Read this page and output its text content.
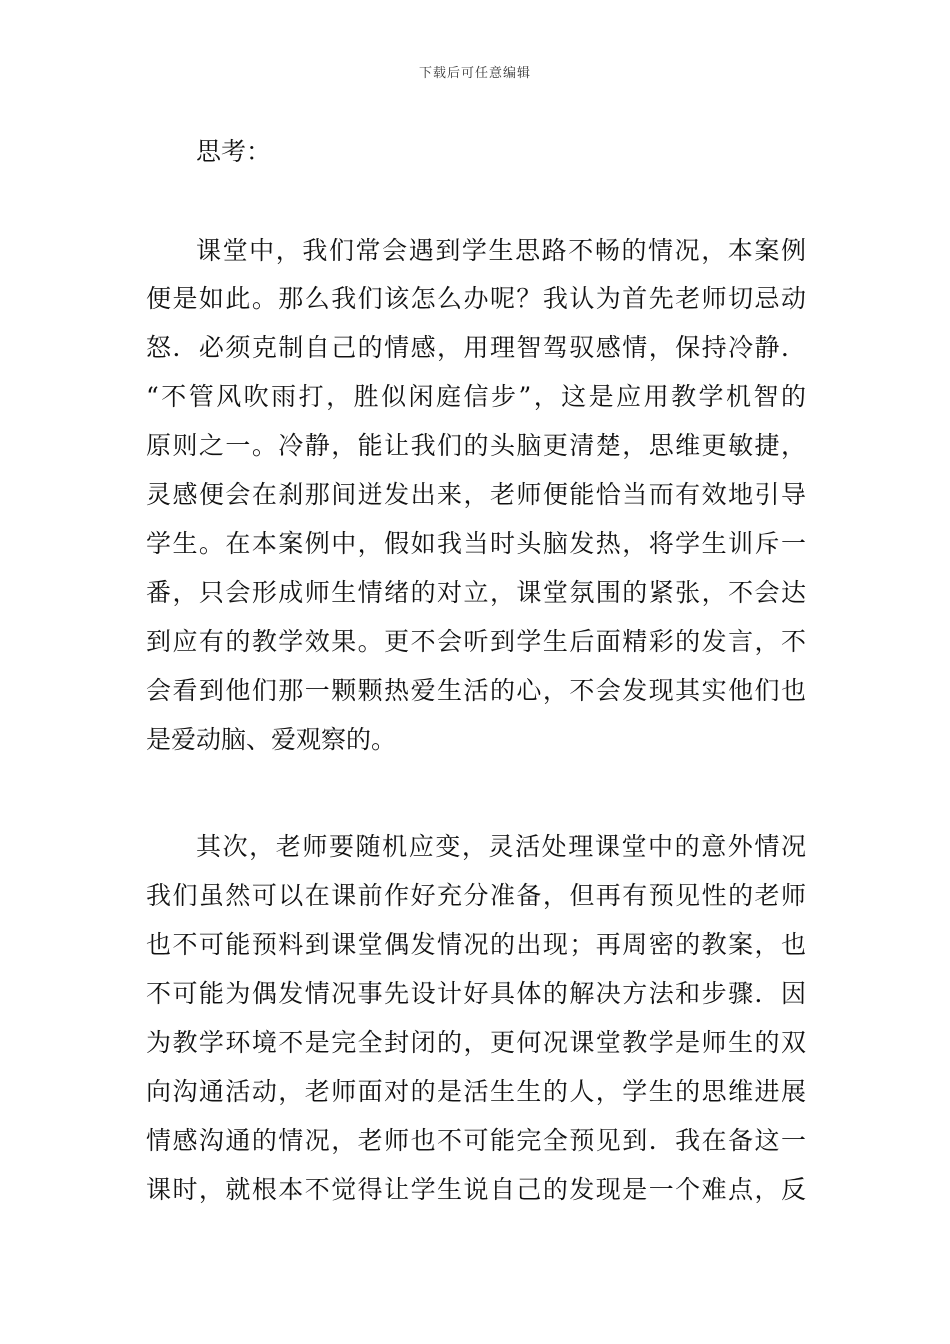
下载后可任意编辑
思考：
课堂中，我们常会遇到学生思路不畅的情况，本案例
便是如此。那么我们该怎么办呢？我认为首先老师切忌动
怒．必须克制自己的情感，用理智驾驭感情，保持冷静．
“不管风吹雨打，胜似闲庭信步”，这是应用教学机智的
原则之一。冷静，能让我们的头脑更清楚，思维更敏捷，
灵感便会在刹那间迸发出来，老师便能恰当而有效地引导
学生。在本案例中，假如我当时头脑发热，将学生训斥一
番，只会形成师生情绪的对立，课堂氛围的紧张，不会达
到应有的教学效果。更不会听到学生后面精彩的发言，不
会看到他们那一颗颗热爱生活的心，不会发现其实他们也
是爱动脑、爱观察的。
其次，老师要随机应变，灵活处理课堂中的意外情况
我们虽然可以在课前作好充分准备，但再有预见性的老师
也不可能预料到课堂偶发情况的出现；再周密的教案，也
不可能为偶发情况事先设计好具体的解决方法和步骤．因
为教学环境不是完全封闭的，更何况课堂教学是师生的双
向沟通活动，老师面对的是活生生的人，学生的思维进展
情感沟通的情况，老师也不可能完全预见到．我在备这一
课时，就根本不觉得让学生说自己的发现是一个难点，反
